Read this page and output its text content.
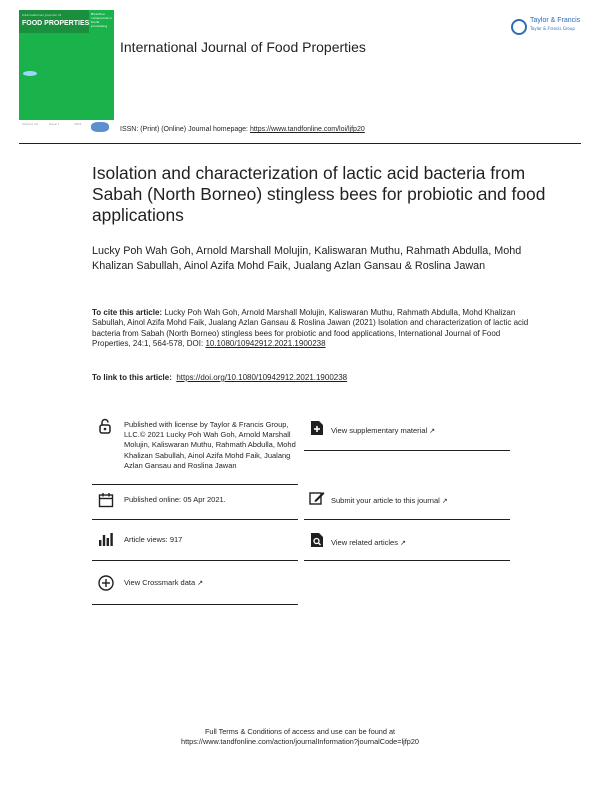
International Journal of
FOOD PROPERTIES
Bioactive compounds in foods processing
Volume 24	Issue 1	2021
International Journal of Food Properties
Taylor & Francis
Taylor & Francis Group
ISSN: (Print) (Online) Journal homepage: https://www.tandfonline.com/loi/ljfp20
Isolation and characterization of lactic acid bacteria from Sabah (North Borneo) stingless bees for probiotic and food applications
Lucky Poh Wah Goh, Arnold Marshall Molujin, Kaliswaran Muthu, Rahmath Abdulla, Mohd Khalizan Sabullah, Ainol Azifa Mohd Faik, Jualang Azlan Gansau & Roslina Jawan
To cite this article: Lucky Poh Wah Goh, Arnold Marshall Molujin, Kaliswaran Muthu, Rahmath Abdulla, Mohd Khalizan Sabullah, Ainol Azifa Mohd Faik, Jualang Azlan Gansau & Roslina Jawan (2021) Isolation and characterization of lactic acid bacteria from Sabah (North Borneo) stingless bees for probiotic and food applications, International Journal of Food Properties, 24:1, 564-578, DOI: 10.1080/10942912.2021.1900238
To link to this article: https://doi.org/10.1080/10942912.2021.1900238
Published with license by Taylor & Francis Group, LLC.© 2021 Lucky Poh Wah Goh, Arnold Marshall Molujin, Kaliswaran Muthu, Rahmath Abdulla, Mohd Khalizan Sabullah, Ainol Azifa Mohd Faik, Jualang Azlan Gansau and Roslina Jawan
Published online: 05 Apr 2021.
Article views: 917
View Crossmark data ↗
View supplementary material ↗
Submit your article to this journal ↗
View related articles ↗
Full Terms & Conditions of access and use can be found at
https://www.tandfonline.com/action/journalInformation?journalCode=ljfp20
